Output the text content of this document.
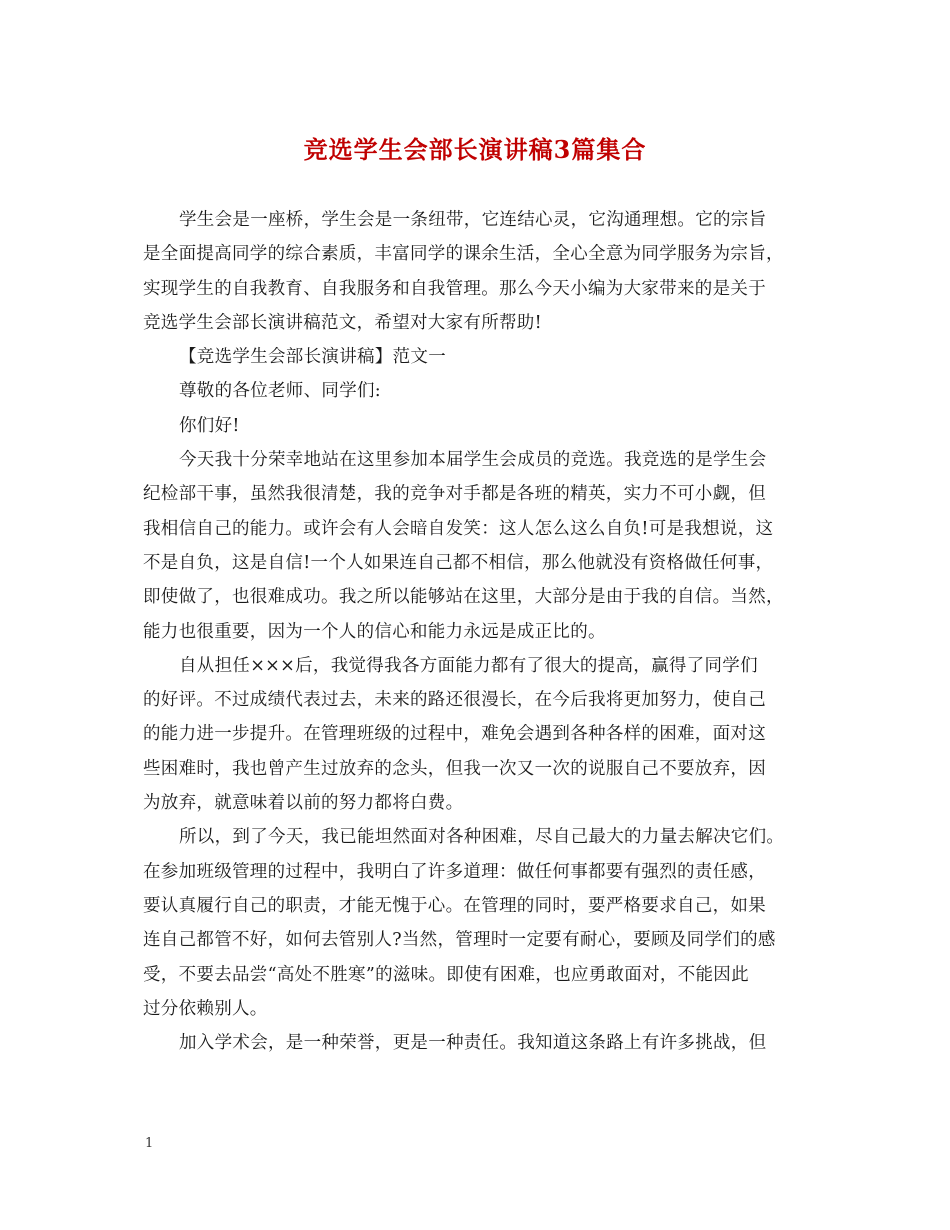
竞选学生会部长演讲稿3篇集合
学生会是一座桥，学生会是一条纽带，它连结心灵，它沟通理想。它的宗旨
是全面提高同学的综合素质，丰富同学的课余生活，全心全意为同学服务为宗旨，
实现学生的自我教育、自我服务和自我管理。那么今天小编为大家带来的是关于
竞选学生会部长演讲稿范文，希望对大家有所帮助!
【竞选学生会部长演讲稿】范文一
尊敬的各位老师、同学们:
你们好!
今天我十分荣幸地站在这里参加本届学生会成员的竞选。我竞选的是学生会
纪检部干事，虽然我很清楚，我的竞争对手都是各班的精英，实力不可小觑，但
我相信自己的能力。或许会有人会暗自发笑：这人怎么这么自负!可是我想说，这
不是自负，这是自信!一个人如果连自己都不相信，那么他就没有资格做任何事，
即使做了，也很难成功。我之所以能够站在这里，大部分是由于我的自信。当然，
能力也很重要，因为一个人的信心和能力永远是成正比的。
自从担任×××后，我觉得我各方面能力都有了很大的提高，赢得了同学们
的好评。不过成绩代表过去，未来的路还很漫长，在今后我将更加努力，使自己
的能力进一步提升。在管理班级的过程中，难免会遇到各种各样的困难，面对这
些困难时，我也曾产生过放弃的念头，但我一次又一次的说服自己不要放弃，因
为放弃，就意味着以前的努力都将白费。
所以，到了今天，我已能坦然面对各种困难，尽自己最大的力量去解决它们。
在参加班级管理的过程中，我明白了许多道理：做任何事都要有强烈的责任感，
要认真履行自己的职责，才能无愧于心。在管理的同时，要严格要求自己，如果
连自己都管不好，如何去管别人?当然，管理时一定要有耐心，要顾及同学们的感
受，不要去品尝“高处不胜寒”的滋味。即使有困难，也应勇敢面对，不能因此
过分依赖别人。
加入学术会，是一种荣誉，更是一种责任。我知道这条路上有许多挑战，但
1
